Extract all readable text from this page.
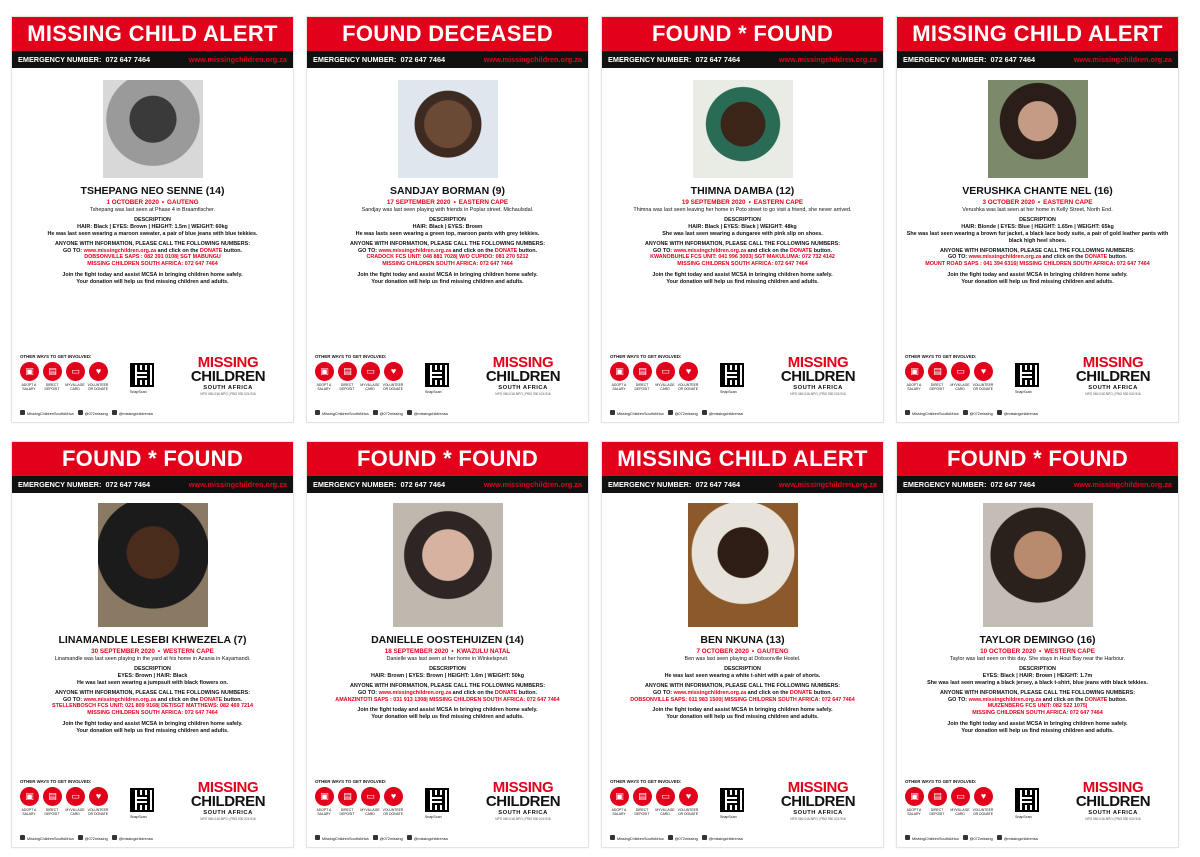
MISSING CHILD ALERT
EMERGENCY NUMBER: 072 647 7464	www.missingchildren.org.za
TSHEPANG NEO SENNE (14)
1 OCTOBER 2020 • GAUTENG
Tshepang was last seen at Phase 4 in Braamfischer.
DESCRIPTION
HAIR: Black | EYES: Brown | HEIGHT: 1.5m | WEIGHT: 60kg
He was last seen wearing a maroon sweater, a pair of blue jeans with blue tekkies.
ANYONE WITH INFORMATION, PLEASE CALL THE FOLLOWING NUMBERS:
GO TO: www.missingchildren.org.za and click on the DONATE button.
DOBSONVILLE SAPS : 082 391 0108| SGT MABUNGU
MISSING CHILDREN SOUTH AFRICA: 072 647 7464
Join the fight today and assist MCSA in bringing children home safely.
Your donation will help us find missing children and adults.
OTHER WAYS TO GET INVOLVED:
▣	▤	▭	♥
ADOPT A SALARY
DIRECT DEPOSIT
MYVILLAGE CARD
VOLUNTEER OR DONATE
SnapScan
MISSING
CHILDREN
SOUTH AFRICA
NPO 060-016-NPO | PBO 930 024 916
MissingChildrenSouthAfrica	@072missing	@missingchildrensa
FOUND DECEASED
EMERGENCY NUMBER: 072 647 7464	www.missingchildren.org.za
SANDJAY BORMAN (9)
17 SEPTEMBER 2020 • EASTERN CAPE
Sandjay was last seen playing with friends in Poplar street. Michaulsdal.
DESCRIPTION
HAIR: Black | EYES: Brown
He was lasts seen wearing a green top, maroon pants with grey tekkies.
ANYONE WITH INFORMATION, PLEASE CALL THE FOLLOWING NUMBERS:
GO TO: www.missingchildren.org.za and click on the DONATE button.
CRADOCK FCS UNIT: 048 881 7028| W/O CUPIDO: 081 270 5212
MISSING CHILDREN SOUTH AFRICA: 072 647 7464
Join the fight today and assist MCSA in bringing children home safely.
Your donation will help us find missing children and adults.
OTHER WAYS TO GET INVOLVED:
▣	▤	▭	♥
ADOPT A SALARY
DIRECT DEPOSIT
MYVILLAGE CARD
VOLUNTEER OR DONATE
SnapScan
MISSING
CHILDREN
SOUTH AFRICA
NPO 060-016-NPO | PBO 930 024 916
MissingChildrenSouthAfrica	@072missing	@missingchildrensa
FOUND * FOUND
EMERGENCY NUMBER: 072 647 7464	www.missingchildren.org.za
THIMNA DAMBA (12)
19 SEPTEMBER 2020 • EASTERN CAPE
Thimna was last seen leaving her home in Poto street to go visit a friend, she never arrived.
DESCRIPTION
HAIR: Black | EYES: Black | WEIGHT: 48kg
She was last seen wearing a dungaree with pink slip on shoes.
ANYONE WITH INFORMATION, PLEASE CALL THE FOLLOWING NUMBERS:
GO TO: www.missingchildren.org.za and click on the DONATE button.
KWANOBUHLE FCS UNIT: 041 996 3003| SGT MAKULUMA: 072 732 4142
MISSING CHILDREN SOUTH AFRICA: 072 647 7464
Join the fight today and assist MCSA in bringing children home safely.
Your donation will help us find missing children and adults.
OTHER WAYS TO GET INVOLVED:
▣	▤	▭	♥
ADOPT A SALARY
DIRECT DEPOSIT
MYVILLAGE CARD
VOLUNTEER OR DONATE
SnapScan
MISSING
CHILDREN
SOUTH AFRICA
NPO 060-016-NPO | PBO 930 024 916
MissingChildrenSouthAfrica	@072missing	@missingchildrensa
MISSING CHILD ALERT
EMERGENCY NUMBER: 072 647 7464	www.missingchildren.org.za
VERUSHKA CHANTE NEL (16)
3 OCTOBER 2020 • EASTERN CAPE
Verushka was last seen at her home in Kelly Street, North End.
DESCRIPTION
HAIR: Blonde | EYES: Blue | HEIGHT: 1.65m | WEIGHT: 65kg
She was last seen wearing a brown fur jacket, a black lace body suite, a pair of gold leather pants with black high heel shoes.
ANYONE WITH INFORMATION, PLEASE CALL THE FOLLOWING NUMBERS:
GO TO: www.missingchildren.org.za and click on the DONATE button.
MOUNT ROAD SAPS : 041 394 6316| MISSING CHILDREN SOUTH AFRICA: 072 647 7464
Join the fight today and assist MCSA in bringing children home safely.
Your donation will help us find missing children and adults.
OTHER WAYS TO GET INVOLVED:
▣	▤	▭	♥
ADOPT A SALARY
DIRECT DEPOSIT
MYVILLAGE CARD
VOLUNTEER OR DONATE
SnapScan
MISSING
CHILDREN
SOUTH AFRICA
NPO 060-016-NPO | PBO 930 024 916
MissingChildrenSouthAfrica	@072missing	@missingchildrensa
FOUND * FOUND
EMERGENCY NUMBER: 072 647 7464	www.missingchildren.org.za
LINAMANDLE LESEBI KHWEZELA (7)
30 SEPTEMBER 2020 • WESTERN CAPE
Linamandle was last seen playing in the yard at his home in Azania in Kayamandi.
DESCRIPTION
EYES: Brown | HAIR: Black
He was last seen wearing a jumpsuit with black flowers on.
ANYONE WITH INFORMATION, PLEASE CALL THE FOLLOWING NUMBERS:
GO TO: www.missingchildren.org.za and click on the DONATE button.
STELLENBOSCH FCS UNIT: 021 809 9168| DET/SGT MATTHEWS: 082 469 7214
MISSING CHILDREN SOUTH AFRICA: 072 647 7464
Join the fight today and assist MCSA in bringing children home safely.
Your donation will help us find missing children and adults.
OTHER WAYS TO GET INVOLVED:
▣	▤	▭	♥
ADOPT A SALARY
DIRECT DEPOSIT
MYVILLAGE CARD
VOLUNTEER OR DONATE
SnapScan
MISSING
CHILDREN
SOUTH AFRICA
NPO 060-016-NPO | PBO 930 024 916
MissingChildrenSouthAfrica	@072missing	@missingchildrensa
FOUND * FOUND
EMERGENCY NUMBER: 072 647 7464	www.missingchildren.org.za
DANIELLE OOSTEHUIZEN (14)
18 SEPTEMBER 2020 • KWAZULU NATAL
Danielle was last seen at her home in Winkelspruit.
DESCRIPTION
HAIR: Brown | EYES: Brown | HEIGHT: 1.6m | WEIGHT: 50kg
ANYONE WITH INFORMATION, PLEASE CALL THE FOLLOWING NUMBERS:
GO TO: www.missingchildren.org.za and click on the DONATE button.
AMANZINTOTI SAPS : 031 913 1308| MISSING CHILDREN SOUTH AFRICA: 072 647 7464
Join the fight today and assist MCSA in bringing children home safely.
Your donation will help us find missing children and adults.
OTHER WAYS TO GET INVOLVED:
▣	▤	▭	♥
ADOPT A SALARY
DIRECT DEPOSIT
MYVILLAGE CARD
VOLUNTEER OR DONATE
SnapScan
MISSING
CHILDREN
SOUTH AFRICA
NPO 060-016-NPO | PBO 930 024 916
MissingChildrenSouthAfrica	@072missing	@missingchildrensa
MISSING CHILD ALERT
EMERGENCY NUMBER: 072 647 7464	www.missingchildren.org.za
BEN NKUNA (13)
7 OCTOBER 2020 • GAUTENG
Ben was last seen playing at Dobsonville Hostel.
DESCRIPTION
He was last seen wearing a white t-shirt with a pair of shorts.
ANYONE WITH INFORMATION, PLEASE CALL THE FOLLOWING NUMBERS:
GO TO: www.missingchildren.org.za and click on the DONATE button.
DOBSONVILLE SAPS: 011 983 1500| MISSING CHILDREN SOUTH AFRICA: 072 647 7464
Join the fight today and assist MCSA in bringing children home safely.
Your donation will help us find missing children and adults.
OTHER WAYS TO GET INVOLVED:
▣	▤	▭	♥
ADOPT A SALARY
DIRECT DEPOSIT
MYVILLAGE CARD
VOLUNTEER OR DONATE
SnapScan
MISSING
CHILDREN
SOUTH AFRICA
NPO 060-016-NPO | PBO 930 024 916
MissingChildrenSouthAfrica	@072missing	@missingchildrensa
FOUND * FOUND
EMERGENCY NUMBER: 072 647 7464	www.missingchildren.org.za
TAYLOR DEMINGO (16)
10 OCTOBER 2020 • WESTERN CAPE
Taylor was last seen on this day. She stays in Hout Bay near the Harbour.
DESCRIPTION
EYES: Black | HAIR: Brown | HEIGHT: 1.7m
She was last seen wearing a black jersey, a black t-shirt, blue jeans with black tekkies.
ANYONE WITH INFORMATION, PLEASE CALL THE FOLLOWING NUMBERS:
GO TO: www.missingchildren.org.za and click on the DONATE button.
MUIZENBERG FCS UNIT: 082 522 1075|
MISSING CHILDREN SOUTH AFRICA: 072 647 7464
Join the fight today and assist MCSA in bringing children home safely.
Your donation will help us find missing children and adults.
OTHER WAYS TO GET INVOLVED:
▣	▤	▭	♥
ADOPT A SALARY
DIRECT DEPOSIT
MYVILLAGE CARD
VOLUNTEER OR DONATE
SnapScan
MISSING
CHILDREN
SOUTH AFRICA
NPO 060-016-NPO | PBO 930 024 916
MissingChildrenSouthAfrica	@072missing	@missingchildrensa
